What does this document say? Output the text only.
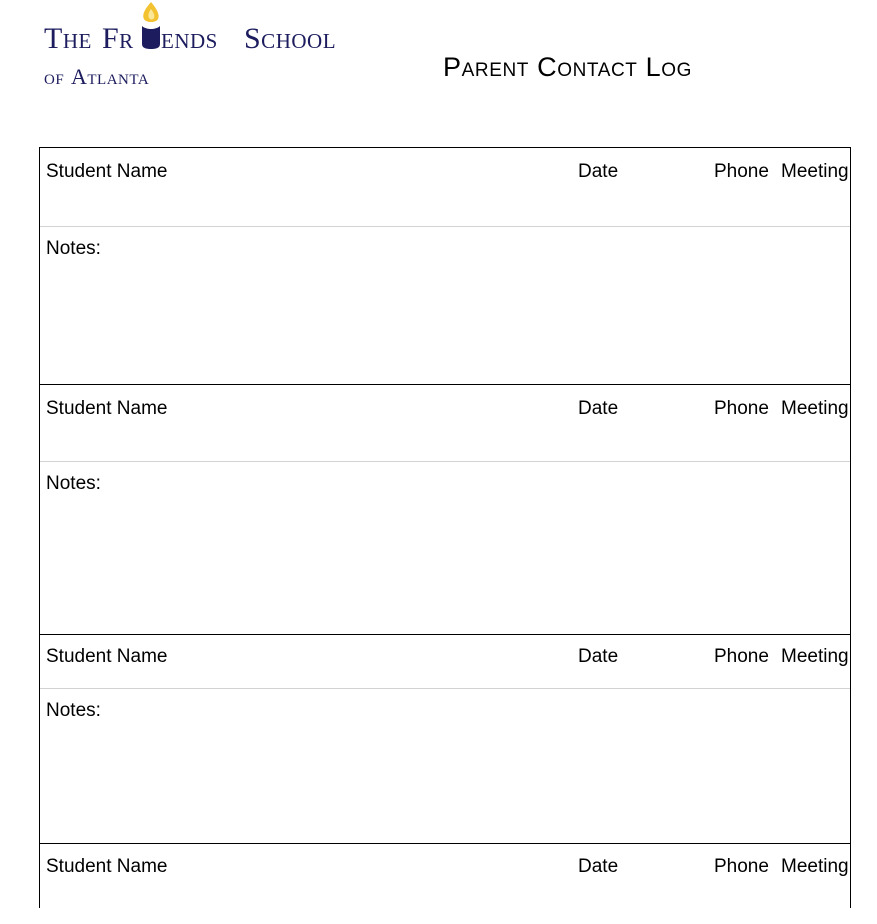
The Fr ends School
of Atlanta	Parent Contact Log
Student Name	Date	Phone Meeting
Notes:
Student Name	Date	Phone Meeting
Notes:
Student Name	Date	Phone Meeting
Notes:
Student Name	Date	Phone Meeting
